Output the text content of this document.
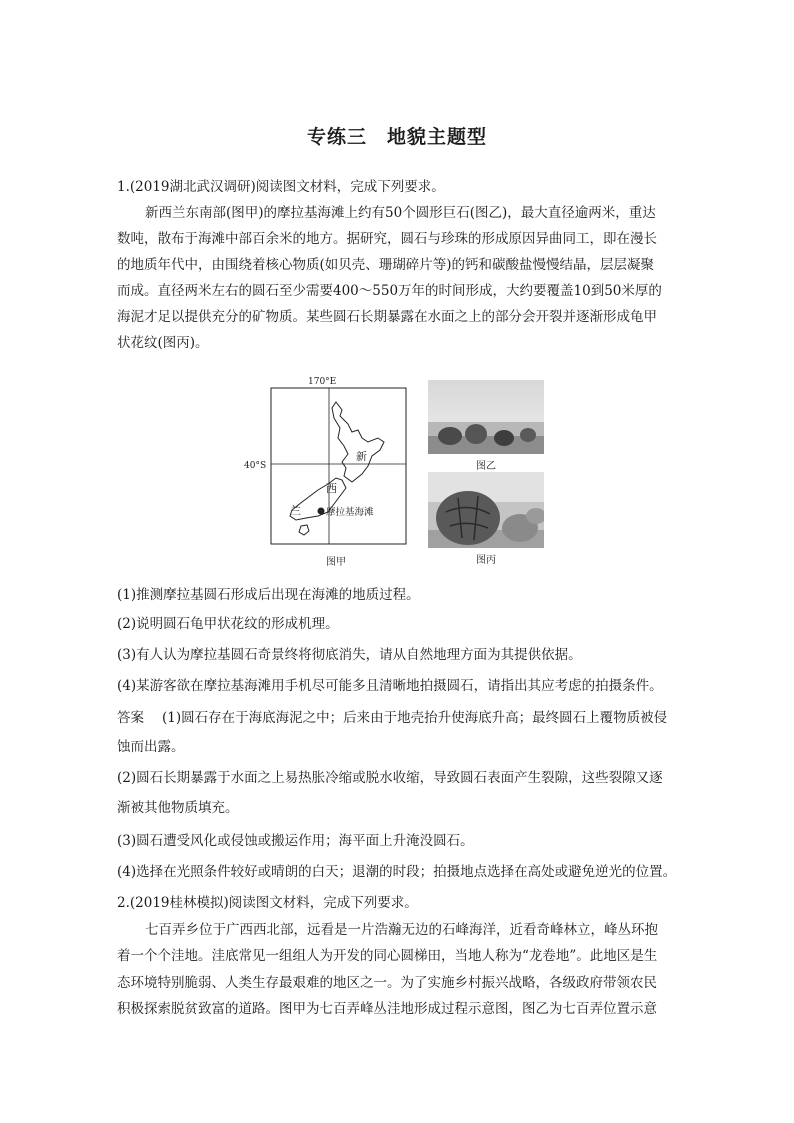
专练三　地貌主题型
1.(2019湖北武汉调研)阅读图文材料，完成下列要求。
新西兰东南部(图甲)的摩拉基海滩上约有50个圆形巨石(图乙)，最大直径逾两米，重达
数吨，散布于海滩中部百余米的地方。据研究，圆石与珍珠的形成原因异曲同工，即在漫长
的地质年代中，由围绕着核心物质(如贝壳、珊瑚碎片等)的钙和碳酸盐慢慢结晶，层层凝聚
而成。直径两米左右的圆石至少需要400～550万年的时间形成，大约要覆盖10到50米厚的
海泥才足以提供充分的矿物质。某些圆石长期暴露在水面之上的部分会开裂并逐渐形成龟甲
状花纹(图丙)。
170°E
40°S
新
西
兰	摩拉基海滩
图甲
图乙
图丙
(1)推测摩拉基圆石形成后出现在海滩的地质过程。
(2)说明圆石龟甲状花纹的形成机理。
(3)有人认为摩拉基圆石奇景终将彻底消失，请从自然地理方面为其提供依据。
(4)某游客欲在摩拉基海滩用手机尽可能多且清晰地拍摄圆石，请指出其应考虑的拍摄条件。
答案 (1)圆石存在于海底海泥之中；后来由于地壳抬升使海底升高；最终圆石上覆物质被侵
蚀而出露。
(2)圆石长期暴露于水面之上易热胀冷缩或脱水收缩，导致圆石表面产生裂隙，这些裂隙又逐
渐被其他物质填充。
(3)圆石遭受风化或侵蚀或搬运作用；海平面上升淹没圆石。
(4)选择在光照条件较好或晴朗的白天；退潮的时段；拍摄地点选择在高处或避免逆光的位置。
2.(2019桂林模拟)阅读图文材料，完成下列要求。
七百弄乡位于广西西北部，远看是一片浩瀚无边的石峰海洋，近看奇峰林立，峰丛环抱
着一个个洼地。洼底常见一组组人为开发的同心圆梯田，当地人称为“龙卷地”。此地区是生
态环境特别脆弱、人类生存最艰难的地区之一。为了实施乡村振兴战略，各级政府带领农民
积极探索脱贫致富的道路。图甲为七百弄峰丛洼地形成过程示意图，图乙为七百弄位置示意
